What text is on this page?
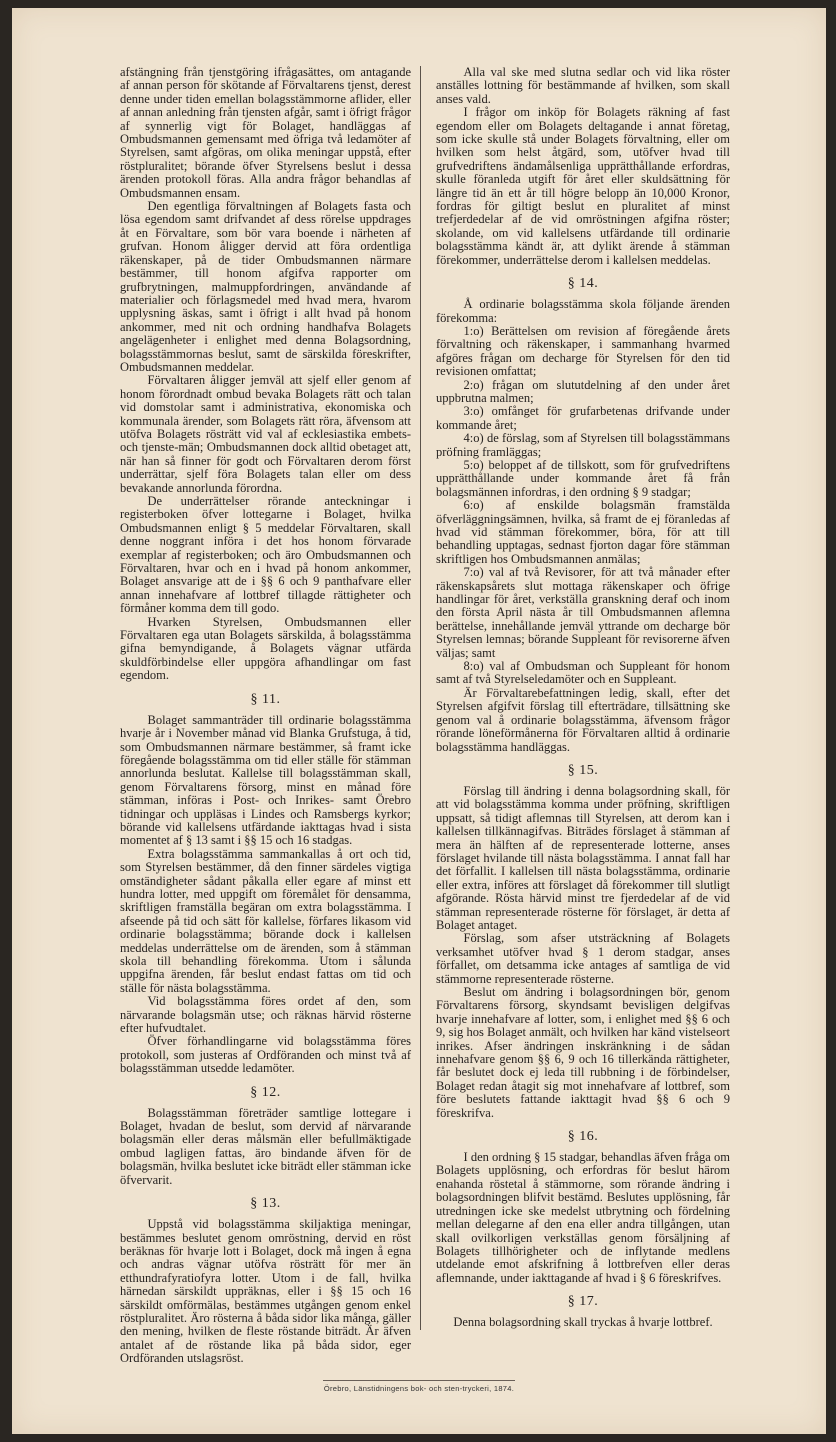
afstängning från tjenstgöring ifrågasättes, om antagande af annan person för skötande af Förvaltarens tjenst, derest denne under tiden emellan bolagsstämmorne aflider, eller af annan anledning från tjensten afgår, samt i öfrigt frågor af synnerlig vigt för Bolaget, handläggas af Ombudsmannen gemensamt med öfriga två ledamöter af Styrelsen, samt afgöras, om olika meningar uppstå, efter röstpluralitet; börande öfver Styrelsens beslut i dessa ärenden protokoll föras. Alla andra frågor behandlas af Ombudsmannen ensam.

Den egentliga förvaltningen af Bolagets fasta och lösa egendom samt drifvandet af dess rörelse uppdrages åt en Förvaltare, som bör vara boende i närheten af grufvan. Honom åligger dervid att föra ordentliga räkenskaper, på de tider Ombudsmannen närmare bestämmer, till honom afgifva rapporter om grufbrytningen, malmuppfordringen, användande af materialier och förlagsmedel med hvad mera, hvarom upplysning äskas, samt i öfrigt i allt hvad på honom ankommer, med nit och ordning handhafva Bolagets angelägenheter i enlighet med denna Bolagsordning, bolagsstämmornas beslut, samt de särskilda föreskrifter, Ombudsmannen meddelar.

Förvaltaren åligger jemväl att sjelf eller genom af honom förordnadt ombud bevaka Bolagets rätt och talan vid domstolar samt i administrativa, ekonomiska och kommunala ärender, som Bolagets rätt röra, äfvensom att utöfva Bolagets rösträtt vid val af ecklesiastika embets- och tjenste-män; Ombudsmannen dock alltid obetaget att, när han så finner för godt och Förvaltaren derom först underrättar, sjelf föra Bolagets talan eller om dess bevakande annorlunda förordna.

De underrättelser rörande anteckningar i registerboken öfver lottegarne i Bolaget, hvilka Ombudsmannen enligt § 5 meddelar Förvaltaren, skall denne noggrant införa i det hos honom förvarade exemplar af registerboken; och äro Ombudsmannen och Förvaltaren, hvar och en i hvad på honom ankommer, Bolaget ansvarige att de i §§ 6 och 9 panthafvare eller annan innehafvare af lottbref tillagde rättigheter och förmåner komma dem till godo.

Hvarken Styrelsen, Ombudsmannen eller Förvaltaren ega utan Bolagets särskilda, å bolagsstämma gifna bemyndigande, å Bolagets vägnar utfärda skuldförbindelse eller uppgöra afhandlingar om fast egendom.

§ 11.

Bolaget sammanträder till ordinarie bolagsstämma hvarje år i November månad vid Blanka Grufstuga, å tid, som Ombudsmannen närmare bestämmer, så framt icke föregående bolagsstämma om tid eller ställe för stämman annorlunda beslutat. Kallelse till bolagsstämman skall, genom Förvaltarens försorg, minst en månad före stämman, införas i Post- och Inrikes- samt Örebro tidningar och uppläsas i Lindes och Ramsbergs kyrkor; börande vid kallelsens utfärdande iakttagas hvad i sista momentet af § 13 samt i §§ 15 och 16 stadgas.

Extra bolagsstämma sammankallas å ort och tid, som Styrelsen bestämmer, då den finner särdeles vigtiga omständigheter sådant påkalla eller egare af minst ett hundra lotter, med uppgift om föremålet för densamma, skriftligen framställa begäran om extra bolagsstämma. I afseende på tid och sätt för kallelse, förfares likasom vid ordinarie bolagsstämma; börande dock i kallelsen meddelas underrättelse om de ärenden, som å stämman skola till behandling förekomma. Utom i sålunda uppgifna ärenden, får beslut endast fattas om tid och ställe för nästa bolagsstämma.

Vid bolagsstämma föres ordet af den, som närvarande bolagsmän utse; och räknas härvid rösterne efter hufvudtalet.

Öfver förhandlingarne vid bolagsstämma föres protokoll, som justeras af Ordföranden och minst två af bolagsstämman utsedde ledamöter.

§ 12.

Bolagsstämman företräder samtlige lottegare i Bolaget, hvadan de beslut, som dervid af närvarande bolagsmän eller deras målsmän eller befullmäktigade ombud lagligen fattas, äro bindande äfven för de bolagsmän, hvilka beslutet icke biträdt eller stämman icke öfvervarit.

§ 13.

Uppstå vid bolagsstämma skiljaktiga meningar, bestämmes beslutet genom omröstning, dervid en röst beräknas för hvarje lott i Bolaget, dock må ingen å egna och andras vägnar utöfva rösträtt för mer än etthundrafyratiofyra lotter. Utom i de fall, hvilka härnedan särskildt uppräknas, eller i §§ 15 och 16 särskildt omförmälas, bestämmes utgången genom enkel röstpluralitet. Äro rösterna å båda sidor lika många, gäller den mening, hvilken de fleste röstande biträdt. Är äfven antalet af de röstande lika på båda sidor, eger Ordföranden utslagsröst.

Alla val ske med slutna sedlar och vid lika röster anställes lottning för bestämmande af hvilken, som skall anses vald.

I frågor om inköp för Bolagets räkning af fast egendom eller om Bolagets deltagande i annat företag, som icke skulle stå under Bolagets förvaltning, eller om hvilken som helst åtgärd, som, utöfver hvad till grufvedriftens ändamålsenliga upprätthållande erfordras, skulle föranleda utgift för året eller skuldsättning för längre tid än ett år till högre belopp än 10,000 Kronor, fordras för giltigt beslut en pluralitet af minst trefjerdedelar af de vid omröstningen afgifna röster; skolande, om vid kallelsens utfärdande till ordinarie bolagsstämma kändt är, att dylikt ärende å stämman förekommer, underrättelse derom i kallelsen meddelas.

§ 14.

Å ordinarie bolagsstämma skola följande ärenden förekomma:

1:o) Berättelsen om revision af föregående årets förvaltning och räkenskaper, i sammanhang hvarmed afgöres frågan om decharge för Styrelsen för den tid revisionen omfattat;

2:o) frågan om slututdelning af den under året uppbrutna malmen;

3:o) omfånget för grufarbetenas drifvande under kommande året;

4:o) de förslag, som af Styrelsen till bolagsstämmans pröfning framläggas;

5:o) beloppet af de tillskott, som för grufvedriftens upprätthållande under kommande året få från bolagsmännen infordras, i den ordning § 9 stadgar;

6:o) af enskilde bolagsmän framstälda öfverläggningsämnen, hvilka, så framt de ej föranledas af hvad vid stämman förekommer, böra, för att till behandling upptagas, sednast fjorton dagar före stämman skriftligen hos Ombudsmannen anmälas;

7:o) val af två Revisorer, för att två månader efter räkenskapsårets slut mottaga räkenskaper och öfrige handlingar för året, verkställa granskning deraf och inom den första April nästa år till Ombudsmannen aflemna berättelse, innehållande jemväl yttrande om decharge bör Styrelsen lemnas; börande Suppleant för revisorerne äfven väljas; samt

8:o) val af Ombudsman och Suppleant för honom samt af två Styrelseledamöter och en Suppleant.

Är Förvaltarebefattningen ledig, skall, efter det Styrelsen afgifvit förslag till efterträdare, tillsättning ske genom val å ordinarie bolagsstämma, äfvensom frågor rörande löneförmånerna för Förvaltaren alltid å ordinarie bolagsstämma handläggas.

§ 15.

Förslag till ändring i denna bolagsordning skall, för att vid bolagsstämma komma under pröfning, skriftligen uppsatt, så tidigt aflemnas till Styrelsen, att derom kan i kallelsen tillkännagifvas. Biträdes förslaget å stämman af mera än hälften af de representerade lotterne, anses förslaget hvilande till nästa bolagsstämma. I annat fall har det förfallit. I kallelsen till nästa bolagsstämma, ordinarie eller extra, införes att förslaget då förekommer till slutligt afgörande. Rösta härvid minst tre fjerdedelar af de vid stämman representerade rösterne för förslaget, är detta af Bolaget antaget.

Förslag, som afser utsträckning af Bolagets verksamhet utöfver hvad § 1 derom stadgar, anses förfallet, om detsamma icke antages af samtliga de vid stämmorne representerade rösterne.

Beslut om ändring i bolagsordningen bör, genom Förvaltarens försorg, skyndsamt bevisligen delgifvas hvarje innehafvare af lotter, som, i enlighet med §§ 6 och 9, sig hos Bolaget anmält, och hvilken har känd vistelseort inrikes. Afser ändringen inskränkning i de sådan innehafvare genom §§ 6, 9 och 16 tillerkända rättigheter, får beslutet dock ej leda till rubbning i de förbindelser, Bolaget redan åtagit sig mot innehafvare af lottbref, som före beslutets fattande iakttagit hvad §§ 6 och 9 föreskrifva.

§ 16.

I den ordning § 15 stadgar, behandlas äfven fråga om Bolagets upplösning, och erfordras för beslut härom enahanda röstetal å stämmorne, som rörande ändring i bolagsordningen blifvit bestämd. Beslutes upplösning, får utredningen icke ske medelst utbrytning och fördelning mellan delegarne af den ena eller andra tillgången, utan skall ovilkorligen verkställas genom försäljning af Bolagets tillhörigheter och de inflytande medlens utdelande emot afskrifning å lottbrefven eller deras aflemnande, under iakttagande af hvad i § 6 föreskrifves.

§ 17.

Denna bolagsordning skall tryckas å hvarje lottbref.

Örebro, Länstidningens bok- och sten-tryckeri, 1874.
